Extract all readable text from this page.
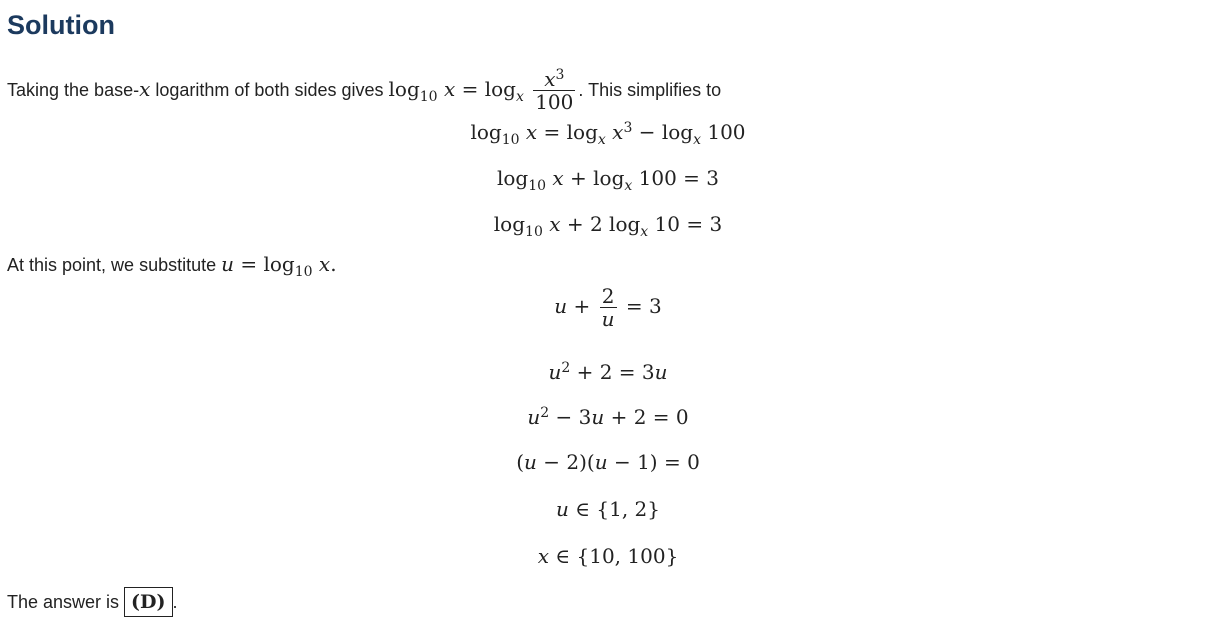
Solution
Taking the base-x logarithm of both sides gives $\log_{10} x = \log_x \frac{x^3}{100}$ . This simplifies to
$\log_{10} x = \log_x x^3 - \log_x 100$
$\log_{10} x + \log_x 100 = 3$
$\log_{10} x + 2$ $\log_x 10 = 3$
At this point, we substitute $u = \log_{10} x$.
$u + \frac{2}{u} = 3$
$u^2 + 2 = 3u$
$u^2 - 3u + 2 = 0$
(u − 2)(u − 1) = 0
u ∈ {1, 2}
x ∈ {10, 100}
The answer is (D) .
